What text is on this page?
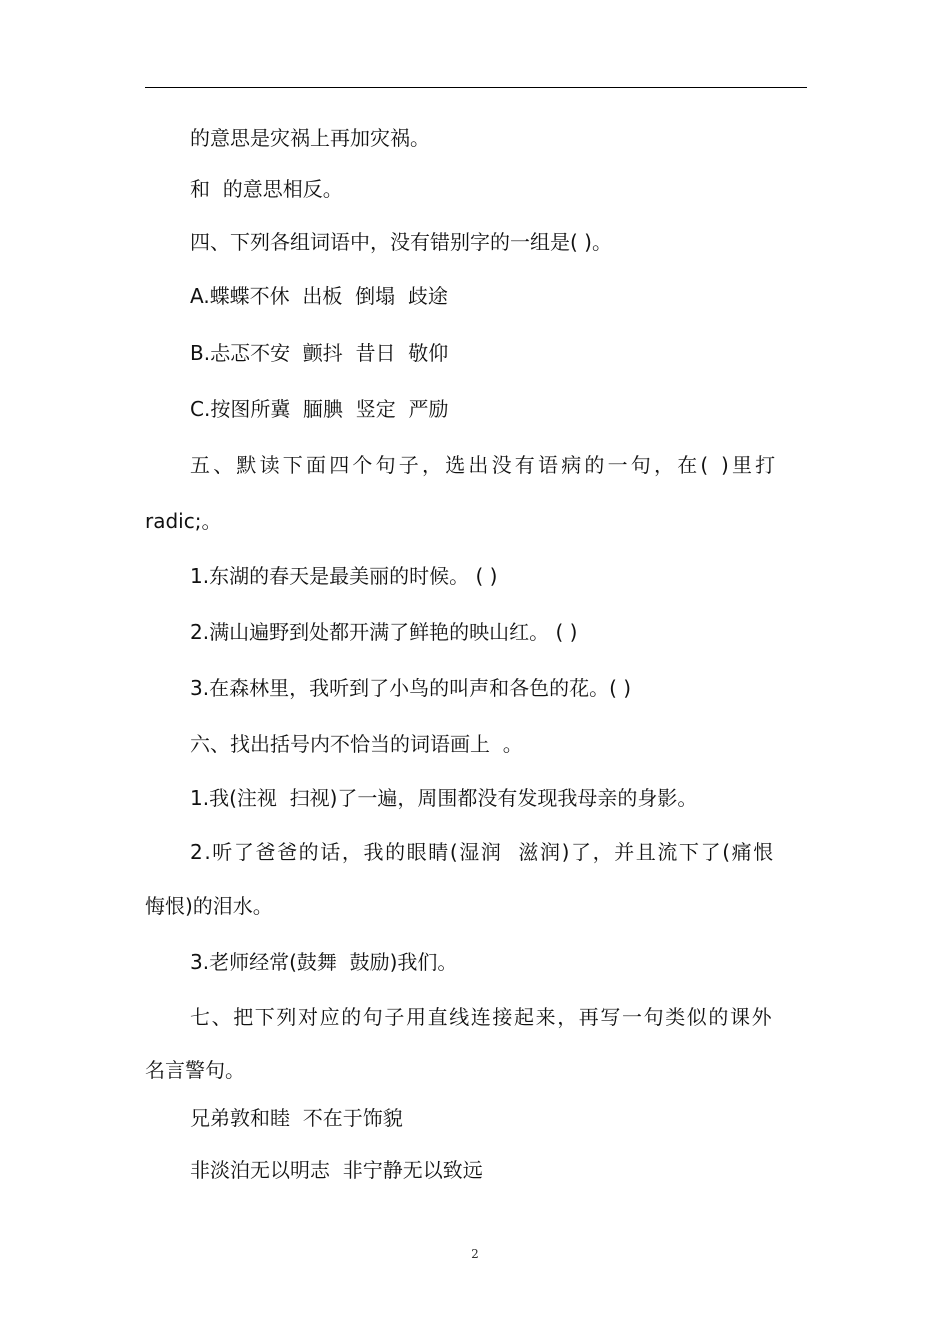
的意思是灾祸上再加灾祸。
和  的意思相反。
四、下列各组词语中，没有错别字的一组是( )。
A.蝶蝶不休  出板  倒塌  歧途
B.忐忑不安  颤抖  昔日  敬仰
C.按图所冀  腼腆  竖定  严励
五、默读下面四个句子，选出没有语病的一句，在( )里打
radic;。
1.东湖的春天是最美丽的时候。 ( )
2.满山遍野到处都开满了鲜艳的映山红。 ( )
3.在森林里，我听到了小鸟的叫声和各色的花。( )
六、找出括号内不恰当的词语画上  。
1.我(注视  扫视)了一遍，周围都没有发现我母亲的身影。
2.听了爸爸的话，我的眼睛(湿润  滋润)了，并且流下了(痛恨
悔恨)的泪水。
3.老师经常(鼓舞  鼓励)我们。
七、把下列对应的句子用直线连接起来，再写一句类似的课外
名言警句。
兄弟敦和睦  不在于饰貌
非淡泊无以明志  非宁静无以致远
2
